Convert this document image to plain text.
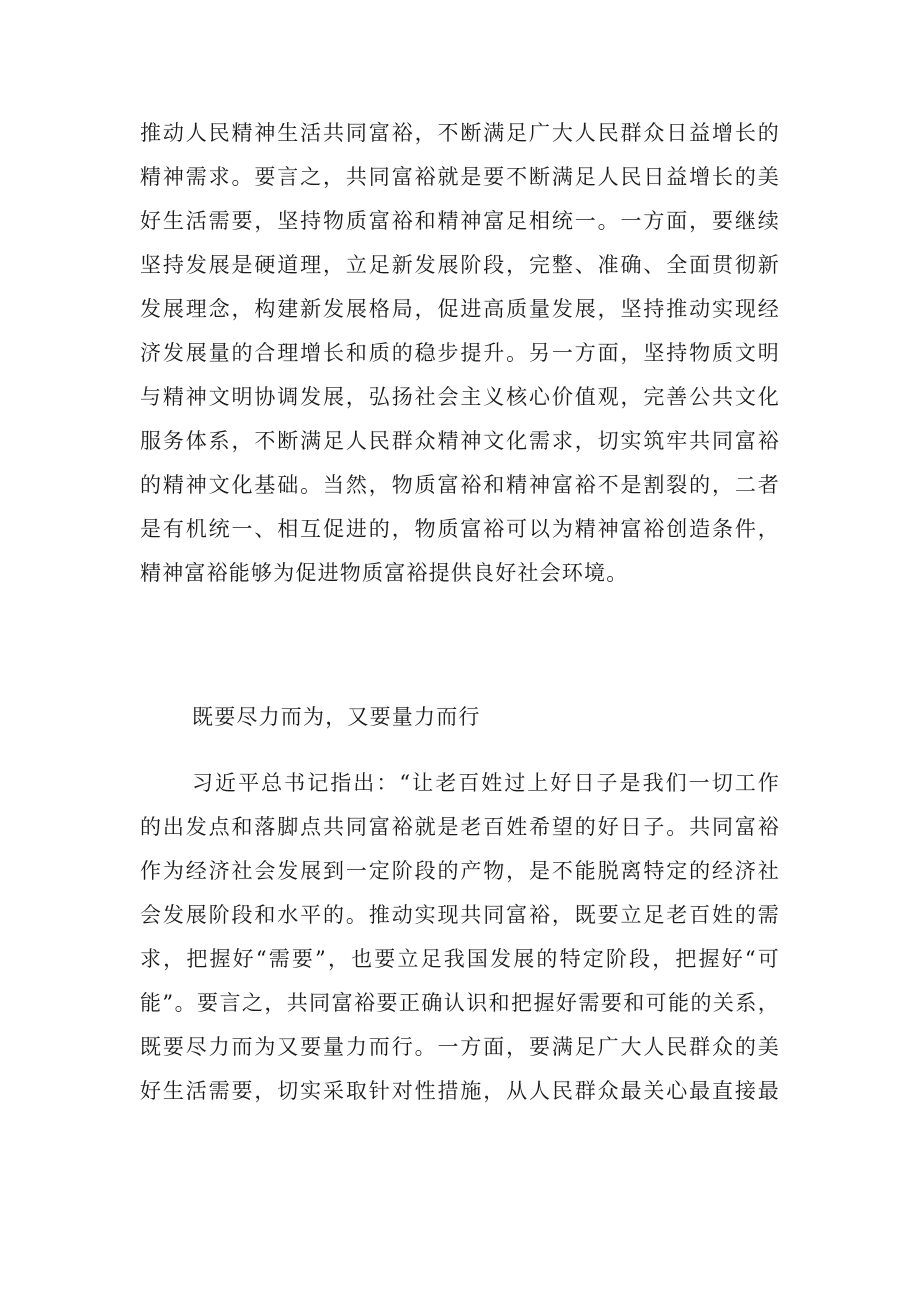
推动人民精神生活共同富裕，不断满足广大人民群众日益增长的
精神需求。要言之，共同富裕就是要不断满足人民日益增长的美
好生活需要，坚持物质富裕和精神富足相统一。一方面，要继续
坚持发展是硬道理，立足新发展阶段，完整、准确、全面贯彻新
发展理念，构建新发展格局，促进高质量发展，坚持推动实现经
济发展量的合理增长和质的稳步提升。另一方面，坚持物质文明
与精神文明协调发展，弘扬社会主义核心价值观，完善公共文化
服务体系，不断满足人民群众精神文化需求，切实筑牢共同富裕
的精神文化基础。当然，物质富裕和精神富裕不是割裂的，二者
是有机统一、相互促进的，物质富裕可以为精神富裕创造条件，
精神富裕能够为促进物质富裕提供良好社会环境。
既要尽力而为，又要量力而行
习近平总书记指出：“让老百姓过上好日子是我们一切工作
的出发点和落脚点共同富裕就是老百姓希望的好日子。共同富裕
作为经济社会发展到一定阶段的产物，是不能脱离特定的经济社
会发展阶段和水平的。推动实现共同富裕，既要立足老百姓的需
求，把握好“需要”，也要立足我国发展的特定阶段，把握好“可
能”。要言之，共同富裕要正确认识和把握好需要和可能的关系，
既要尽力而为又要量力而行。一方面，要满足广大人民群众的美
好生活需要，切实采取针对性措施，从人民群众最关心最直接最
